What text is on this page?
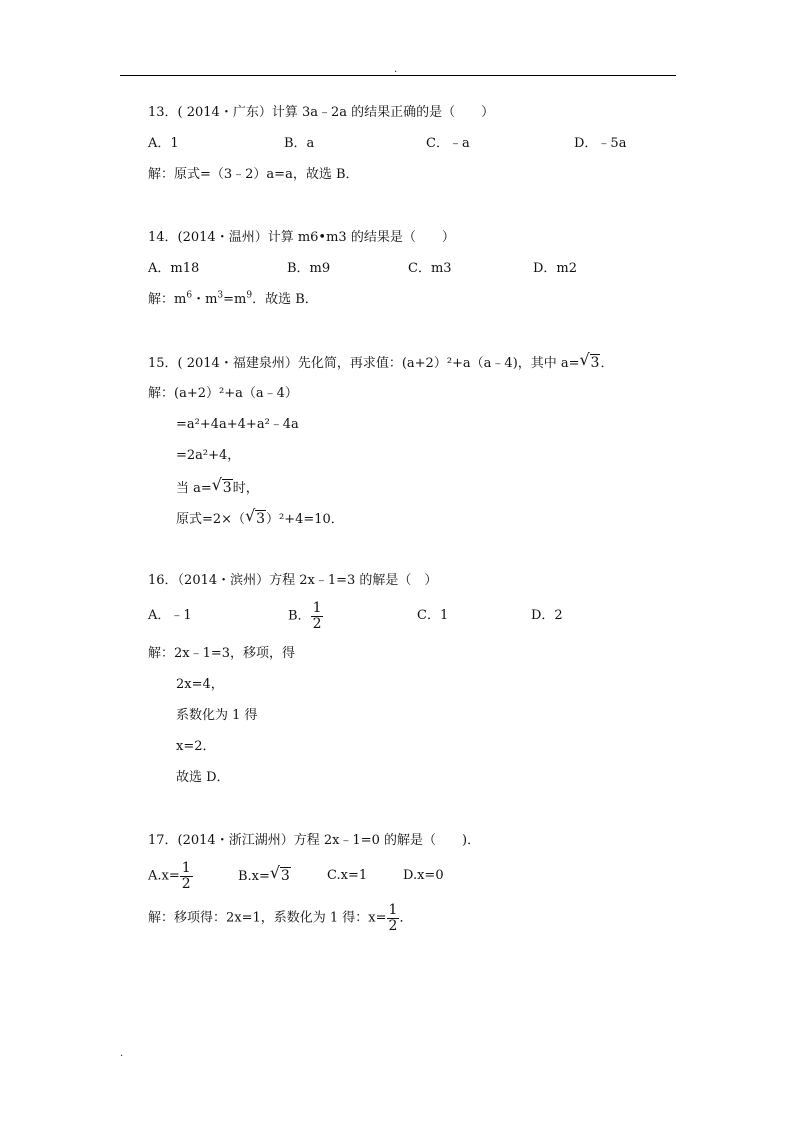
.
13．( 2014・广东）计算 3a﹣2a 的结果正确的是（　　）
A．1	B．a	C．﹣a	D．﹣5a
解：原式=（3﹣2）a=a，故选 B．
14．(2014・温州）计算 m6•m3 的结果是（　　）
A．m18	B．m9	C．m3	D．m2
解：$m^6$・$m^3=m^9$．故选 B．
15．( 2014・福建泉州）先化简，再求值：(a+2）²+a（a﹣4)，其中 a= √ 3．
解：(a+2）²+a（a﹣4）
=a²+4a+4+a²﹣4a
=2a²+4，
当 a= √ 3时，
原式=2×（ √ 3）²+4=10．
16．（2014・滨州）方程 2x﹣1=3 的解是（　）
A．﹣1	B． $\frac{1}{2}$	C．1	D．2
解：2x﹣1=3，移项，得
2x=4，
系数化为 1 得
x=2．
故选 D．
17．(2014・浙江湖州）方程 2x﹣1=0 的解是（　　)．
$A.x= \frac{1}{2}$	B.x= √ 3	C.x=1	D.x=0
解：移项得：2x=1，系数化为 1 得：$x= \frac{1}{2}$ ．
.
